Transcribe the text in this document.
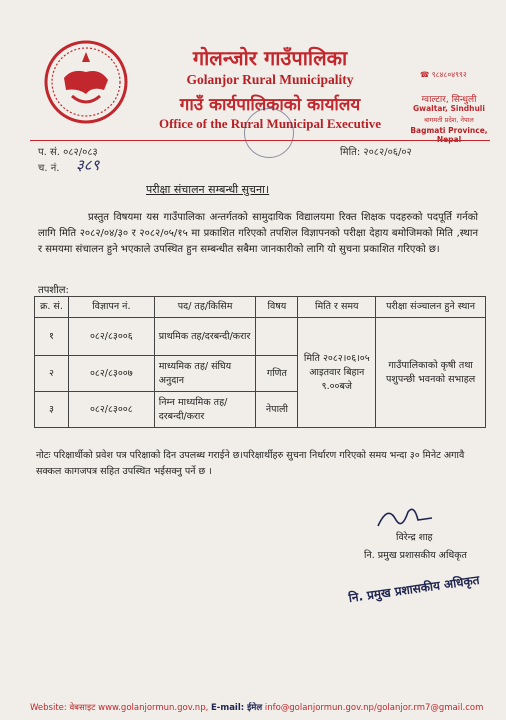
गोलन्जोर गाउँपालिका
Golanjor Rural Municipality
गाउँ कार्यपालिकाको कार्यालय
Office of the Rural Municipal Executive
☎ ९८४८०४९९२
ग्वाल्टार, सिन्धुली
Gwaltar, Sindhuli
बागमती प्रदेश, नेपाल
Bagmati Province, Nepal
प. सं. ०८२/०८३
च. नं. ३८९
मिति: २०८२/०६/०२
परीक्षा संचालन सम्बन्धी सुचना।
प्रस्तुत विषयमा यस गाउँपालिका अन्तर्गतको सामुदायिक विद्यालयमा रिक्त शिक्षक पदहरुको पदपूर्ति गर्नको लागि मिति २०८२/०४/३० र २०८२/०५/१५ मा प्रकाशित गरिएको तपशिल विज्ञापनको परीक्षा देहाय बमोजिमको मिति ,स्थान र समयमा संचालन हुने भएकाले उपस्थित हुन सम्बन्धीत सबैमा जानकारीको लागि यो सुचना प्रकाशित गरिएको छ।
तपशील:
क्र. सं.	विज्ञापन नं.	पद/ तह/किसिम	विषय	मिति र समय	परीक्षा संञ्चालन हुने स्थान
१	०८२/८३००६	प्राथमिक तह/दरबन्दी/करार		मिति २०८२।०६।०५ आइतवार बिहान ९.००बजे	गाउँपालिकाको कृषी तथा पशुपन्छी भवनको सभाहल
२	०८२/८३००७	माध्यमिक तह/ संघिय अनुदान	गणित		
३	०८२/८३००८	निम्न माध्यमिक तह/दरबन्दी/करार	नेपाली		
नोटः परिक्षार्थीको प्रवेश पत्र परिक्षाको दिन उपलब्ध गराईने छ।परिक्षार्थीहरु सुचना निर्धारण गरिएको समय भन्दा ३० मिनेट अगावै सक्कल कागजपत्र सहित उपस्थित भईसक्नु पर्ने छ ।
विरेन्द्र शाह
नि. प्रमुख प्रशासकीय अधिकृत
नि. प्रमुख प्रशासकीय अधिकृत
Website: वेबसाइट www.golanjormun.gov.np, E-mail: ईमेल info@golanjormun.gov.np/golanjor.rm7@gmail.com
